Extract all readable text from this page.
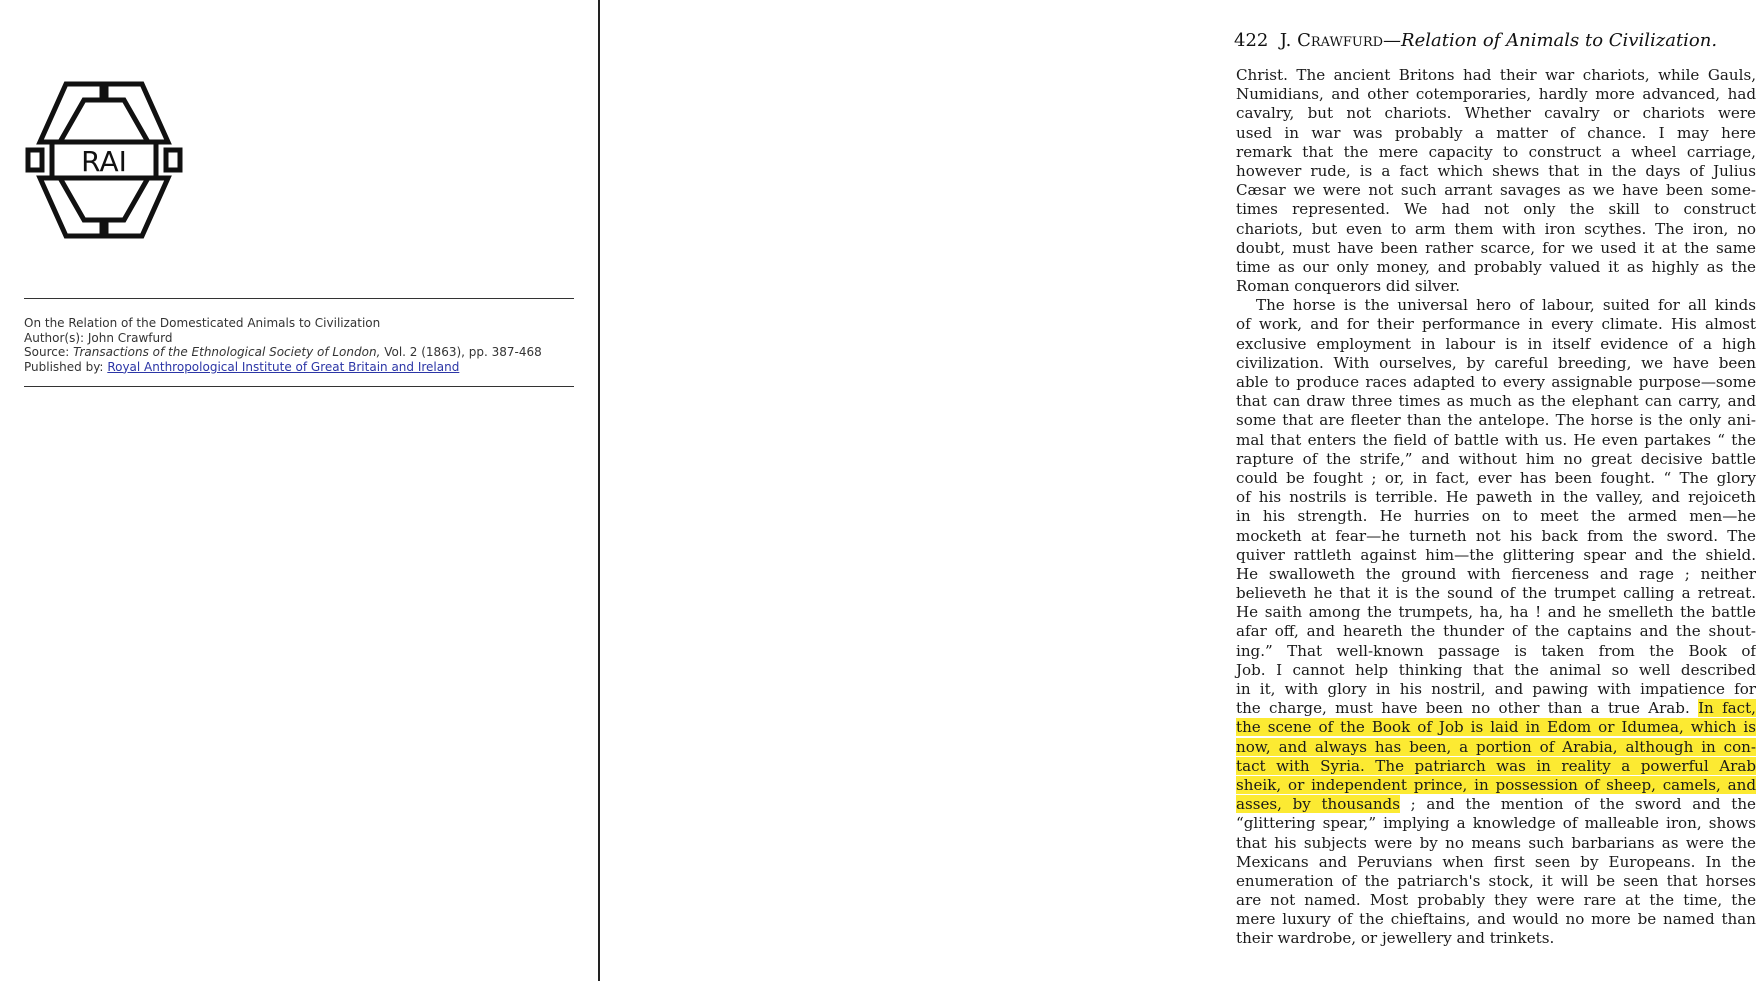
RAI
On the Relation of the Domesticated Animals to Civilization
Author(s): John Crawfurd
Source: Transactions of the Ethnological Society of London, Vol. 2 (1863), pp. 387-468
Published by: Royal Anthropological Institute of Great Britain and Ireland
422 J. Crawfurd—Relation of Animals to Civilization.
Christ. The ancient Britons had their war chariots, while Gauls,
Numidians, and other cotemporaries, hardly more advanced, had
cavalry, but not chariots. Whether cavalry or chariots were
used in war was probably a matter of chance. I may here
remark that the mere capacity to construct a wheel carriage,
however rude, is a fact which shews that in the days of Julius
Cæsar we were not such arrant savages as we have been some-
times represented. We had not only the skill to construct
chariots, but even to arm them with iron scythes. The iron, no
doubt, must have been rather scarce, for we used it at the same
time as our only money, and probably valued it as highly as the
Roman conquerors did silver.
The horse is the universal hero of labour, suited for all kinds
of work, and for their performance in every climate. His almost
exclusive employment in labour is in itself evidence of a high
civilization. With ourselves, by careful breeding, we have been
able to produce races adapted to every assignable purpose—some
that can draw three times as much as the elephant can carry, and
some that are fleeter than the antelope. The horse is the only ani-
mal that enters the field of battle with us. He even partakes “ the
rapture of the strife,” and without him no great decisive battle
could be fought ; or, in fact, ever has been fought. “ The glory
of his nostrils is terrible. He paweth in the valley, and rejoiceth
in his strength. He hurries on to meet the armed men—he
mocketh at fear—he turneth not his back from the sword. The
quiver rattleth against him—the glittering spear and the shield.
He swalloweth the ground with fierceness and rage ; neither
believeth he that it is the sound of the trumpet calling a retreat.
He saith among the trumpets, ha, ha ! and he smelleth the battle
afar off, and heareth the thunder of the captains and the shout-
ing.” That well-known passage is taken from the Book of
Job. I cannot help thinking that the animal so well described
in it, with glory in his nostril, and pawing with impatience for
the charge, must have been no other than a true Arab. In fact,
the scene of the Book of Job is laid in Edom or Idumea, which is
now, and always has been, a portion of Arabia, although in con-
tact with Syria. The patriarch was in reality a powerful Arab
sheik, or independent prince, in possession of sheep, camels, and
asses, by thousands ; and the mention of the sword and the
“glittering spear,” implying a knowledge of malleable iron, shows
that his subjects were by no means such barbarians as were the
Mexicans and Peruvians when first seen by Europeans. In the
enumeration of the patriarch's stock, it will be seen that horses
are not named. Most probably they were rare at the time, the
mere luxury of the chieftains, and would no more be named than
their wardrobe, or jewellery and trinkets.
